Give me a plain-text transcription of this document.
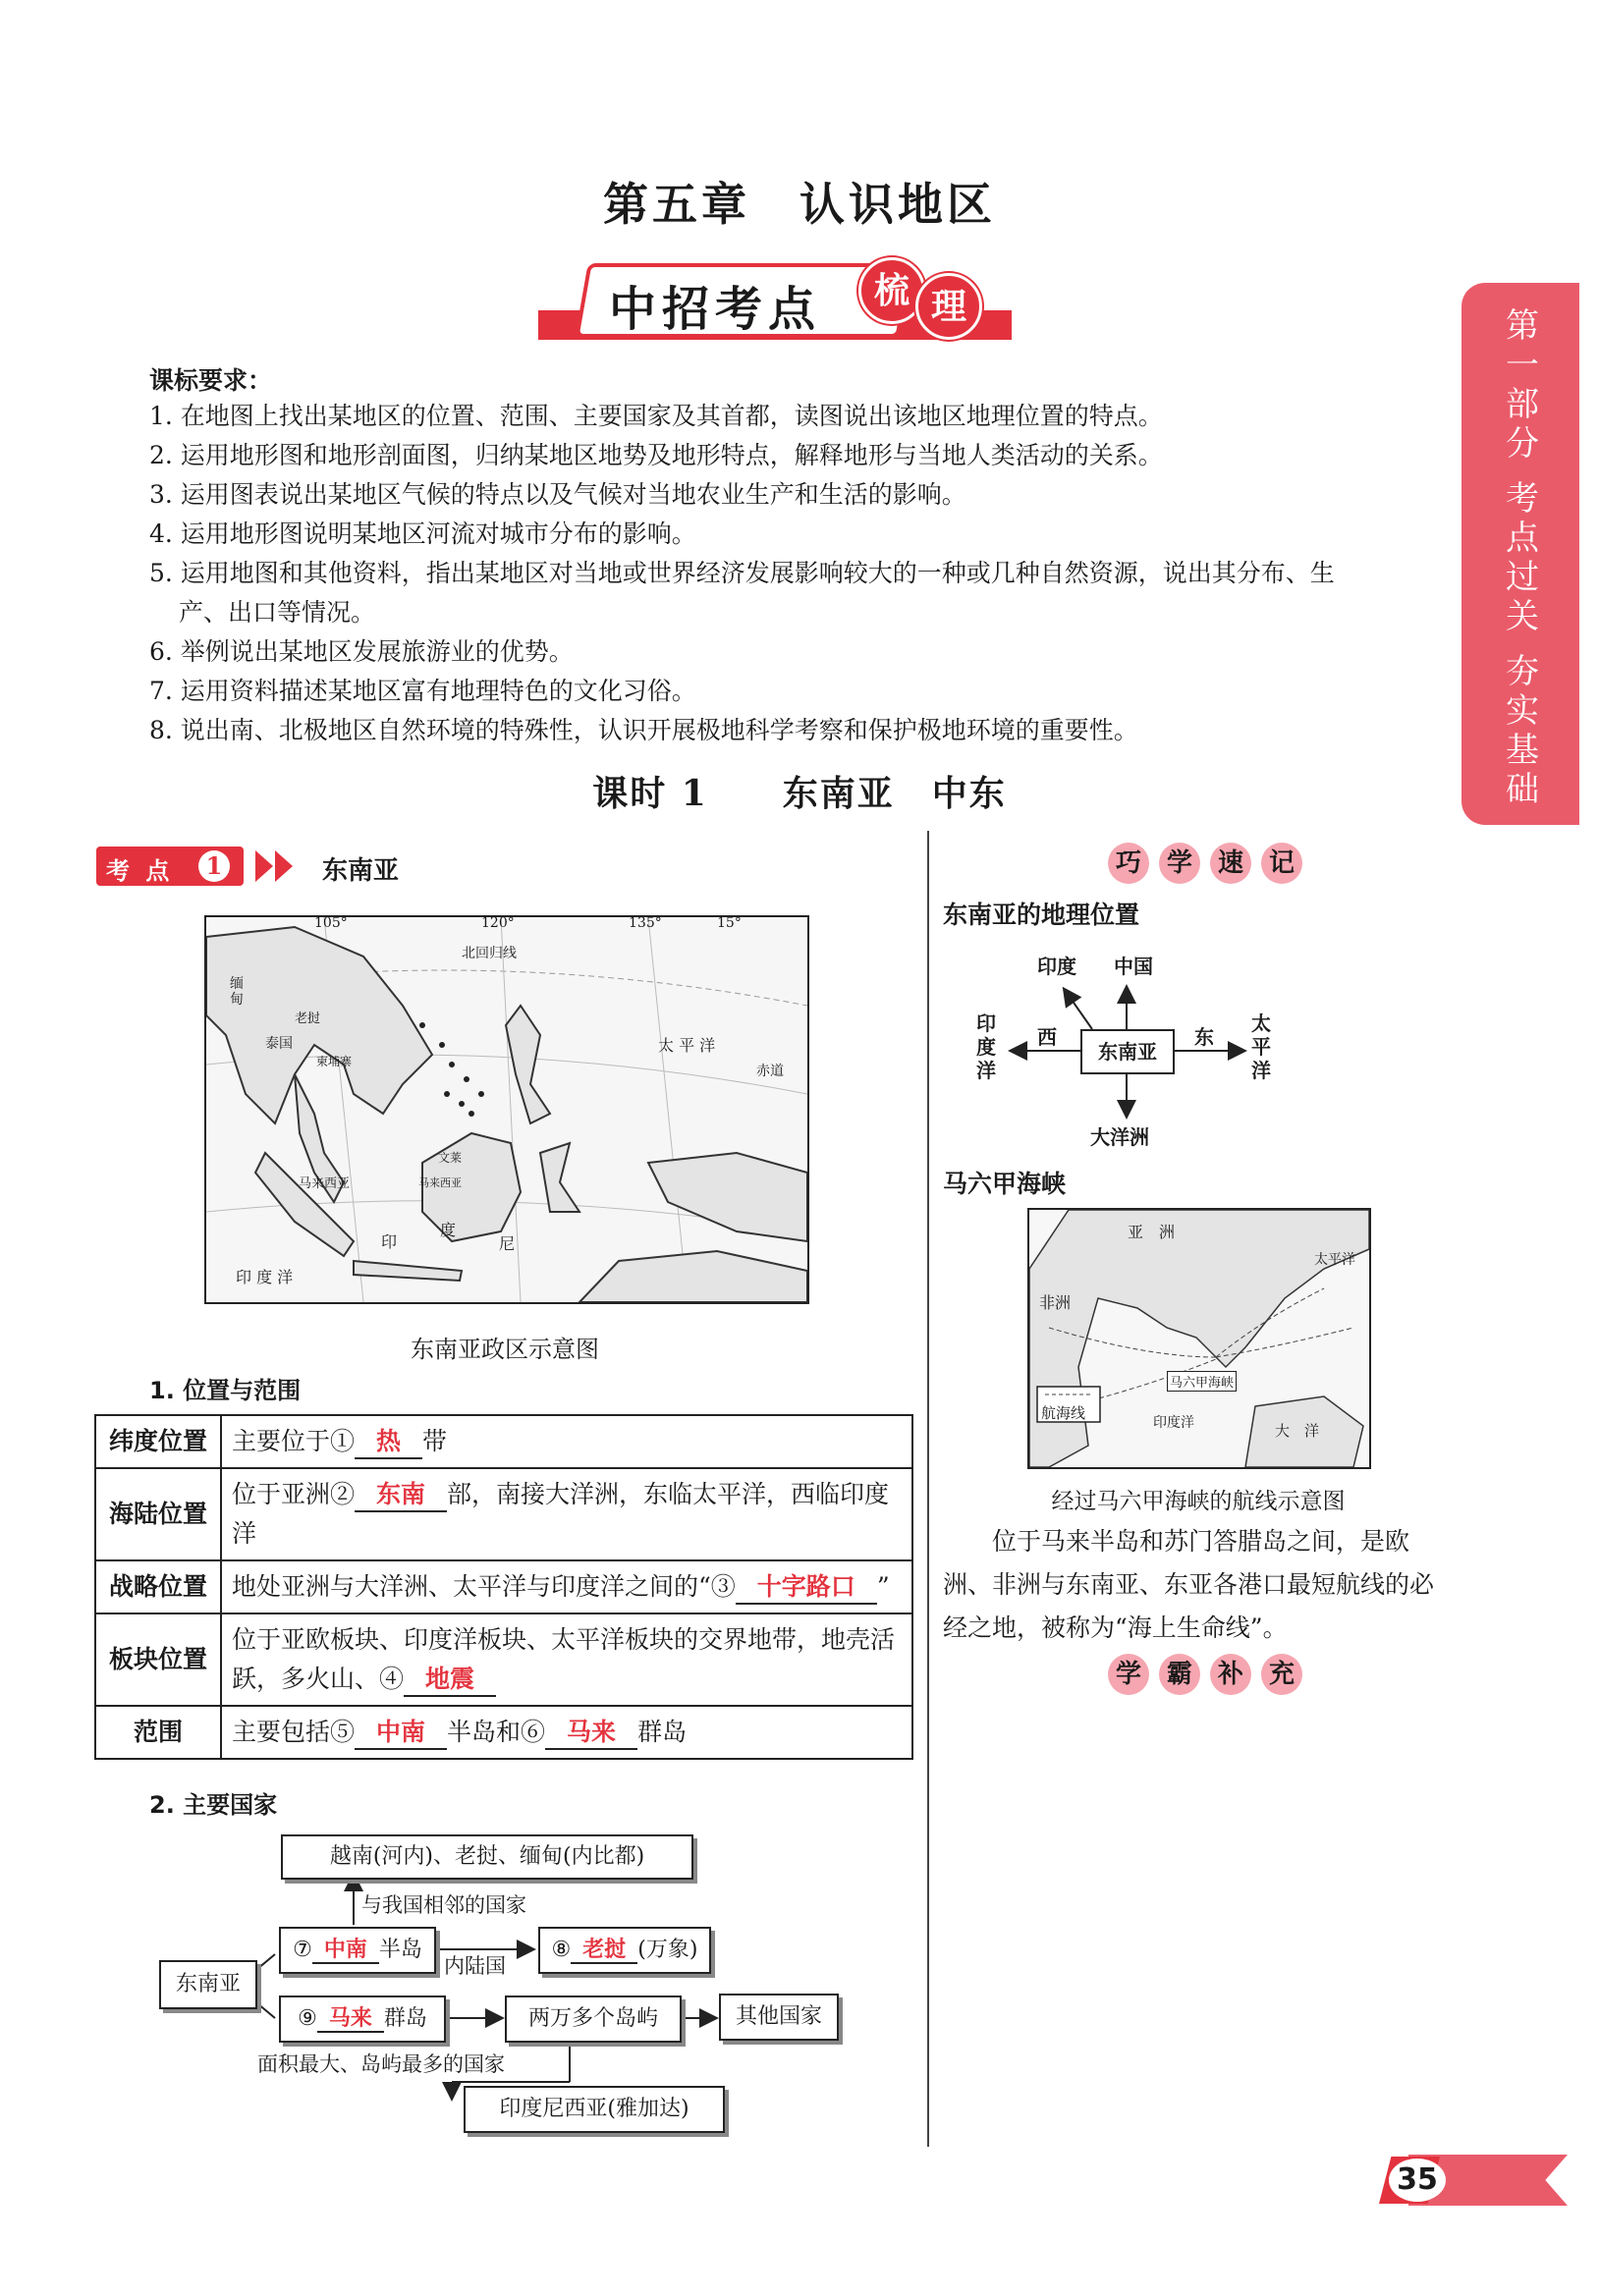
第五章　认识地区
中招考点	梳 理	第一部分
考点过关
夯实基础
课标要求：
1. 在地图上找出某地区的位置、范围、主要国家及其首都，读图说出该地区地理位置的特点。
2. 运用地形图和地形剖面图，归纳某地区地势及地形特点，解释地形与当地人类活动的关系。
3. 运用图表说出某地区气候的特点以及气候对当地农业生产和生活的影响。
4. 运用地形图说明某地区河流对城市分布的影响。
5. 运用地图和其他资料，指出某地区对当地或世界经济发展影响较大的一种或几种自然资源，说出其分布、生
产、出口等情况。
6. 举例说出某地区发展旅游业的优势。
7. 运用资料描述某地区富有地理特色的文化习俗。
8. 说出南、北极地区自然环境的特殊性，认识开展极地科学考察和保护极地环境的重要性。
课时 1　　东南亚　中东
考 点	1	东南亚
105°	120°	135°	15°
北回归线
太 平 洋
赤道
缅甸
老挝
泰国
柬埔寨
马来西亚
文莱
马来西亚
印
度
尼
印 度 洋
东南亚政区示意图
1. 位置与范围
纬度位置	主要位于① 热 带
海陆位置	位于亚洲② 东南 部，南接大洋洲，东临太平洋，西临印度洋
战略位置	地处亚洲与大洋洲、太平洋与印度洋之间的“③ 十字路口 ”
板块位置	位于亚欧板块、印度洋板块、太平洋板块的交界地带，地壳活跃，多火山、④ 地震
范围	主要包括⑤ 中南 半岛和⑥ 马来 群岛
2. 主要国家
越南(河内)、老挝、缅甸(内比都)
与我国相邻的国家
东南亚
⑦ 中南 半岛
内陆国
⑧ 老挝 (万象)
⑨ 马来 群岛	两万多个岛屿	其他国家
面积最大、岛屿最多的国家
印度尼西亚(雅加达)
巧 学 速 记
东南亚的地理位置
东南亚
印度 中国
西	东
印度洋
太平洋
大洋洲
马六甲海峡
亚　洲
非洲
太平洋
马六甲海峡
航海线
印度洋	大　洋
经过马六甲海峡的航线示意图
位于马来半岛和苏门答腊岛之间，是欧洲、非洲与东南亚、东亚各港口最短航线的必经之地，被称为“海上生命线”。
学 霸 补 充
35
